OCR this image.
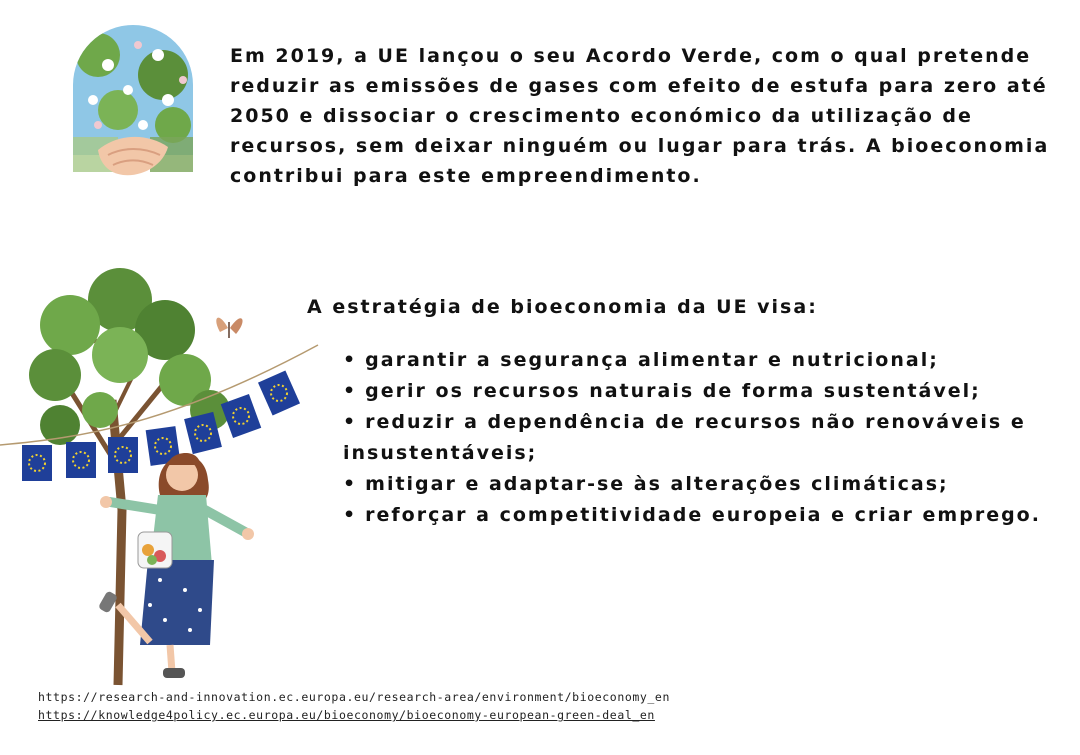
Em 2019, a UE lançou o seu Acordo Verde, com o qual pretende reduzir as emissões de gases com efeito de estufa para zero até 2050 e dissociar o crescimento económico da utilização de recursos, sem deixar ninguém ou lugar para trás. A bioeconomia contribui para este empreendimento.

A estratégia de bioeconomia da UE visa:
• garantir a segurança alimentar e nutricional;
• gerir os recursos naturais de forma sustentável;
• reduzir a dependência de recursos não renováveis e insustentáveis;
• mitigar e adaptar-se às alterações climáticas;
• reforçar a competitividade europeia e criar emprego.
https://research-and-innovation.ec.europa.eu/research-area/environment/bioeconomy_en
https://knowledge4policy.ec.europa.eu/bioeconomy/bioeconomy-european-green-deal_en
